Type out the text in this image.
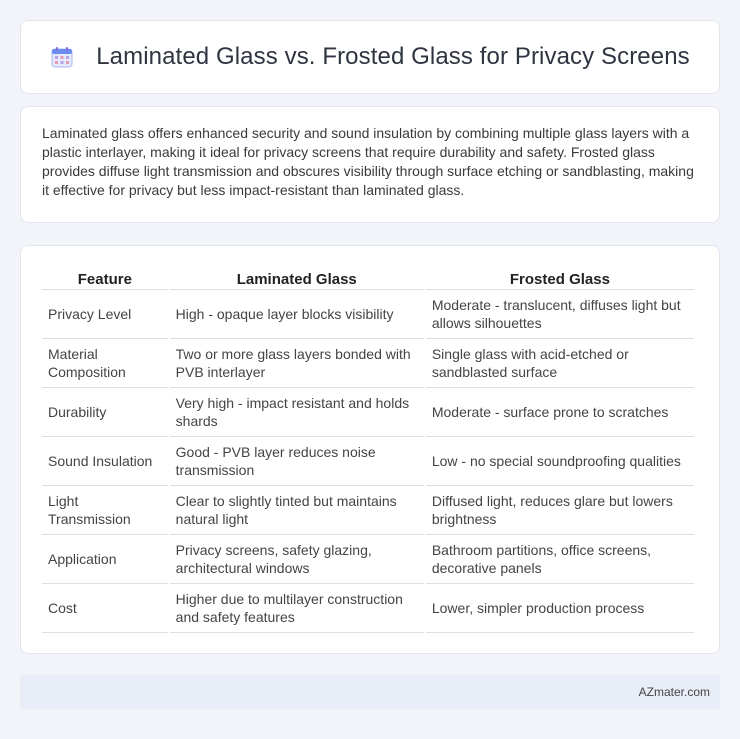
Laminated Glass vs. Frosted Glass for Privacy Screens

Laminated glass offers enhanced security and sound insulation by combining multiple glass layers with a plastic interlayer, making it ideal for privacy screens that require durability and safety. Frosted glass provides diffuse light transmission and obscures visibility through surface etching or sandblasting, making it effective for privacy but less impact-resistant than laminated glass.

Feature	Laminated Glass	Frosted Glass
Privacy Level	High - opaque layer blocks visibility	Moderate - translucent, diffuses light but allows silhouettes
Material Composition	Two or more glass layers bonded with PVB interlayer	Single glass with acid-etched or sandblasted surface
Durability	Very high - impact resistant and holds shards	Moderate - surface prone to scratches
Sound Insulation	Good - PVB layer reduces noise transmission	Low - no special soundproofing qualities
Light Transmission	Clear to slightly tinted but maintains natural light	Diffused light, reduces glare but lowers brightness
Application	Privacy screens, safety glazing, architectural windows	Bathroom partitions, office screens, decorative panels
Cost	Higher due to multilayer construction and safety features	Lower, simpler production process
AZmater.com
